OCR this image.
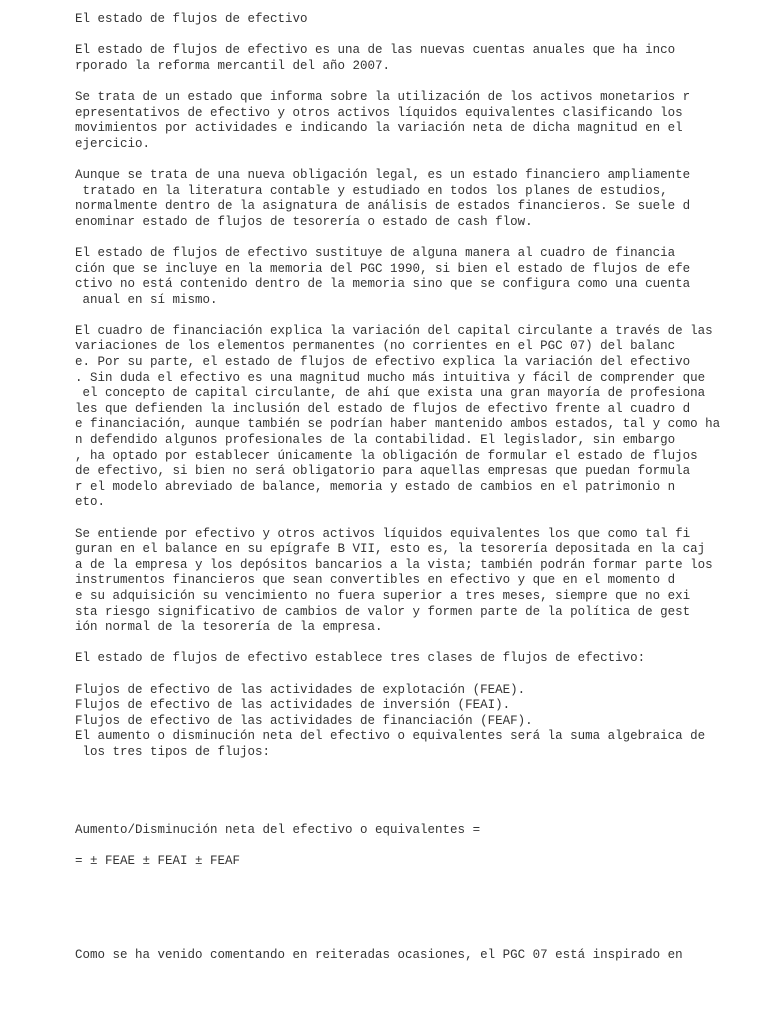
El estado de flujos de efectivo
El estado de flujos de efectivo es una de las nuevas cuentas anuales que ha inco
rporado la reforma mercantil del año 2007.
Se trata de un estado que informa sobre la utilización de los activos monetarios r
epresentativos de efectivo y otros activos líquidos equivalentes clasificando los
movimientos por actividades e indicando la variación neta de dicha magnitud en el
ejercicio.
Aunque se trata de una nueva obligación legal, es un estado financiero ampliamente
tratado en la literatura contable y estudiado en todos los planes de estudios,
normalmente dentro de la asignatura de análisis de estados financieros. Se suele d
enominar estado de flujos de tesorería o estado de cash flow.
El estado de flujos de efectivo sustituye de alguna manera al cuadro de financia
ción que se incluye en la memoria del PGC 1990, si bien el estado de flujos de efe
ctivo no está contenido dentro de la memoria sino que se configura como una cuenta
anual en sí mismo.
El cuadro de financiación explica la variación del capital circulante a través de las
variaciones de los elementos permanentes (no corrientes en el PGC 07) del balanc
e. Por su parte, el estado de flujos de efectivo explica la variación del efectivo
. Sin duda el efectivo es una magnitud mucho más intuitiva y fácil de comprender que
el concepto de capital circulante, de ahí que exista una gran mayoría de profesiona
les que defienden la inclusión del estado de flujos de efectivo frente al cuadro d
e financiación, aunque también se podrían haber mantenido ambos estados, tal y como ha
n defendido algunos profesionales de la contabilidad. El legislador, sin embargo
, ha optado por establecer únicamente la obligación de formular el estado de flujos
de efectivo, si bien no será obligatorio para aquellas empresas que puedan formula
r el modelo abreviado de balance, memoria y estado de cambios en el patrimonio n
eto.
Se entiende por efectivo y otros activos líquidos equivalentes los que como tal fi
guran en el balance en su epígrafe B VII, esto es, la tesorería depositada en la caj
a de la empresa y los depósitos bancarios a la vista; también podrán formar parte los
instrumentos financieros que sean convertibles en efectivo y que en el momento d
e su adquisición su vencimiento no fuera superior a tres meses, siempre que no exi
sta riesgo significativo de cambios de valor y formen parte de la política de gest
ión normal de la tesorería de la empresa.
El estado de flujos de efectivo establece tres clases de flujos de efectivo:
Flujos de efectivo de las actividades de explotación (FEAE).
Flujos de efectivo de las actividades de inversión (FEAI).
Flujos de efectivo de las actividades de financiación (FEAF).
El aumento o disminución neta del efectivo o equivalentes será la suma algebraica de
los tres tipos de flujos:
Aumento/Disminución neta del efectivo o equivalentes =
= ± FEAE ± FEAI ± FEAF
Como se ha venido comentando en reiteradas ocasiones, el PGC 07 está inspirado en
